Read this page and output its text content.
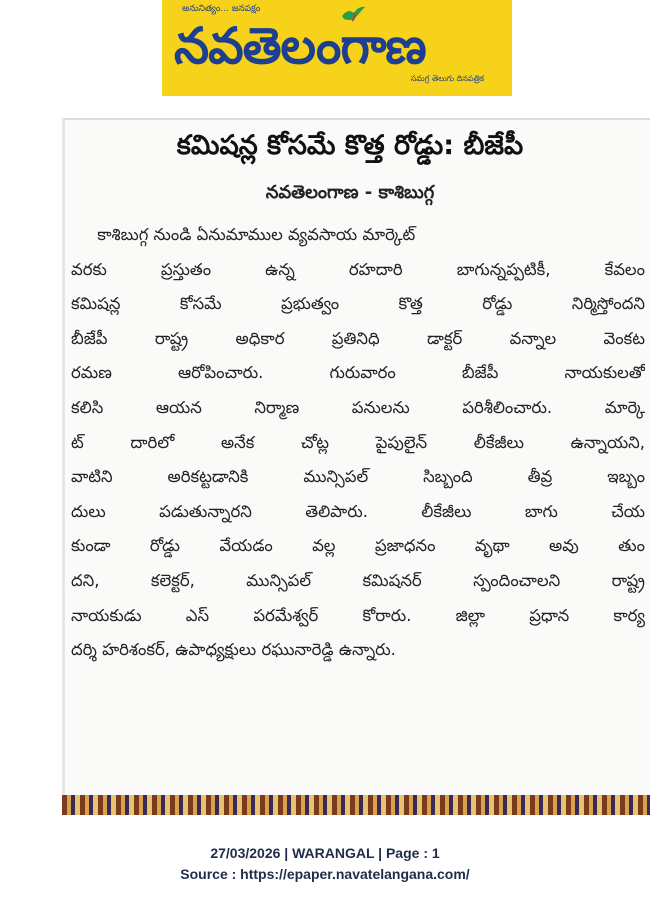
అనునిత్యం... జనపక్షం
నవతెలంగాణ
సమగ్ర తెలుగు దినపత్రిక
కమిషన్ల కోసమే కొత్త రోడ్డు: బీజేపీ
నవతెలంగాణ - కాశిబుగ్గ
కాశిబుగ్గ నుండి ఏనుమాముల వ్యవసాయ మార్కెట్
వరకు ప్రస్తుతం ఉన్న రహదారి బాగున్నప్పటికీ, కేవలం
కమిషన్ల కోసమే ప్రభుత్వం కొత్త రోడ్డు నిర్మిస్తోందని
బీజేపీ రాష్ట్ర అధికార ప్రతినిధి డాక్టర్ వన్నాల వెంకట
రమణ ఆరోపించారు. గురువారం బీజేపీ నాయకులతో
కలిసి ఆయన నిర్మాణ పనులను పరిశీలించారు. మార్కె
ట్ దారిలో అనేక చోట్ల పైపులైన్ లీకేజీలు ఉన్నాయని,
వాటిని అరికట్టడానికి మున్సిపల్ సిబ్బంది తీవ్ర ఇబ్బం
దులు పడుతున్నారని తెలిపారు. లీకేజీలు బాగు చేయ
కుండా రోడ్డు వేయడం వల్ల ప్రజాధనం వృథా అవు తుం
దని, కలెక్టర్, మున్సిపల్ కమిషనర్ స్పందించాలని రాష్ట్ర
నాయకుడు ఎస్ పరమేశ్వర్ కోరారు. జిల్లా ప్రధాన కార్య
దర్శి హరిశంకర్, ఉపాధ్యక్షులు రఘునారెడ్డి ఉన్నారు.
27/03/2026 | WARANGAL | Page : 1
Source : https://epaper.navatelangana.com/
